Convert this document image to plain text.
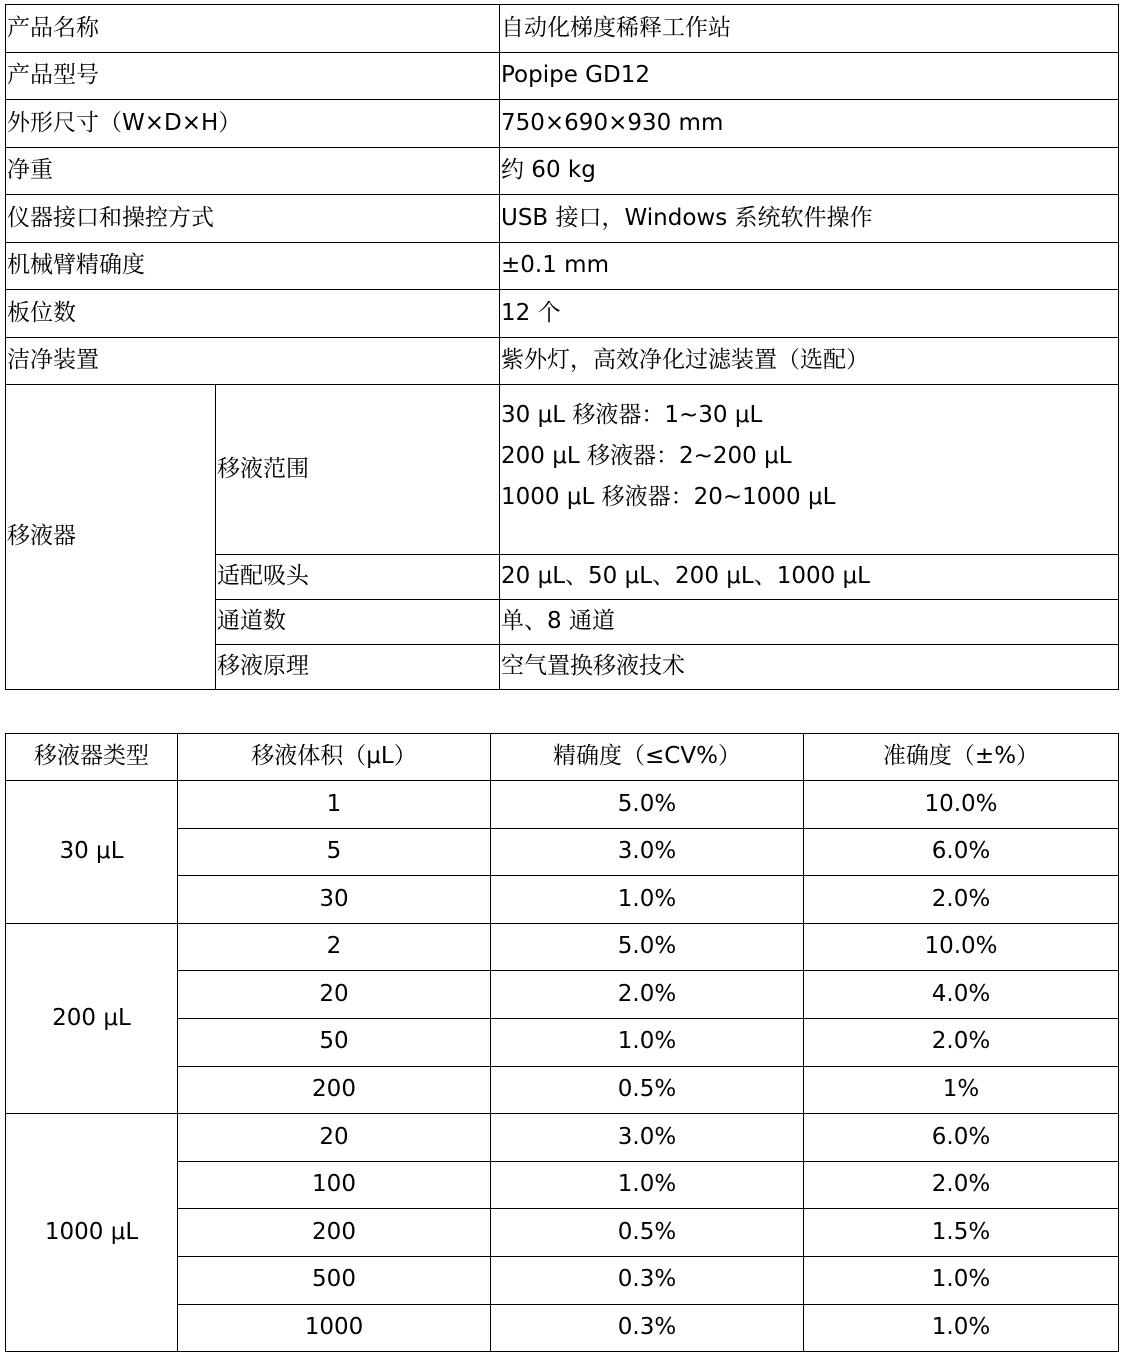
产品名称		自动化梯度稀释工作站
产品型号		Popipe GD12
外形尺寸（W×D×H）		750×690×930 mm
净重		约 60 kg
仪器接口和操控方式		USB 接口，Windows 系统软件操作
机械臂精确度		±0.1 mm
板位数		12 个
洁净装置		紫外灯，高效净化过滤装置（选配）
移液器	移液范围	30 μL 移液器：1~30 μL
200 μL 移液器：2~200 μL
1000 μL 移液器：20~1000 μL

	适配吸头	20 μL、50 μL、200 μL、1000 μL
	通道数	单、8 通道
	移液原理	空气置换移液技术
移液器类型	移液体积（μL）	精确度（≤CV%）	准确度（±%）
30 μL	1	5.0%	10.0%
	5	3.0%	6.0%
	30	1.0%	2.0%
200 μL	2	5.0%	10.0%
	20	2.0%	4.0%
	50	1.0%	2.0%
	200	0.5%	1%
1000 μL	20	3.0%	6.0%
	100	1.0%	2.0%
	200	0.5%	1.5%
	500	0.3%	1.0%
	1000	0.3%	1.0%
